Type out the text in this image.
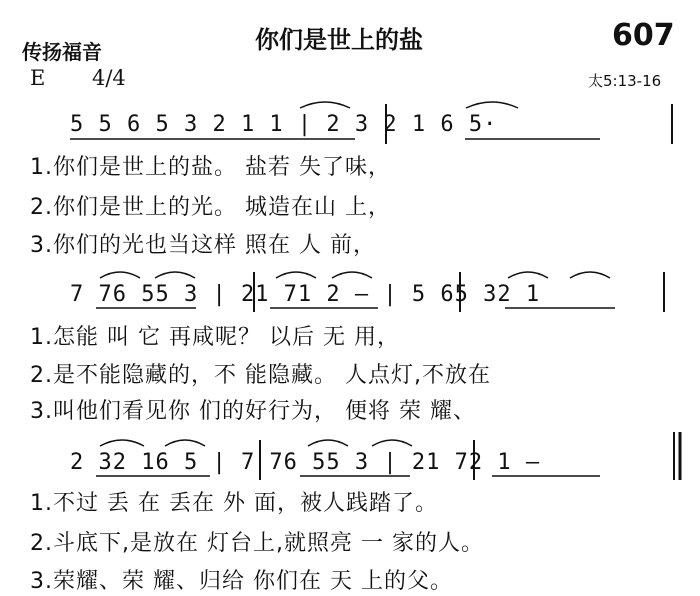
传扬福音	你们是世上的盐	607
E 4/4	太5:13-16
5 5 6 5 3 2 1 1 | 2 3 2 1 6 5·
1.你们是世上的盐。 盐若 失了味，
2.你们是世上的光。 城造在山 上，
3.你们的光也当这样 照在 人 前，
7 76 55 3 | 21 71 2 — | 5 65 32 1
1.怎能 叫 它 再咸呢？ 以后 无 用，
2.是不能隐藏的，不 能隐藏。 人点灯,不放在
3.叫他们看见你 们的好行为， 便将 荣 耀、
2 32 16 5 | 7 76 55 3 | 21 72 1 —
1.不过 丢 在 丢在 外 面，被人践踏了。
2.斗底下,是放在 灯台上,就照亮 一 家的人。
3.荣耀、荣 耀、归给 你们在 天 上的父。
